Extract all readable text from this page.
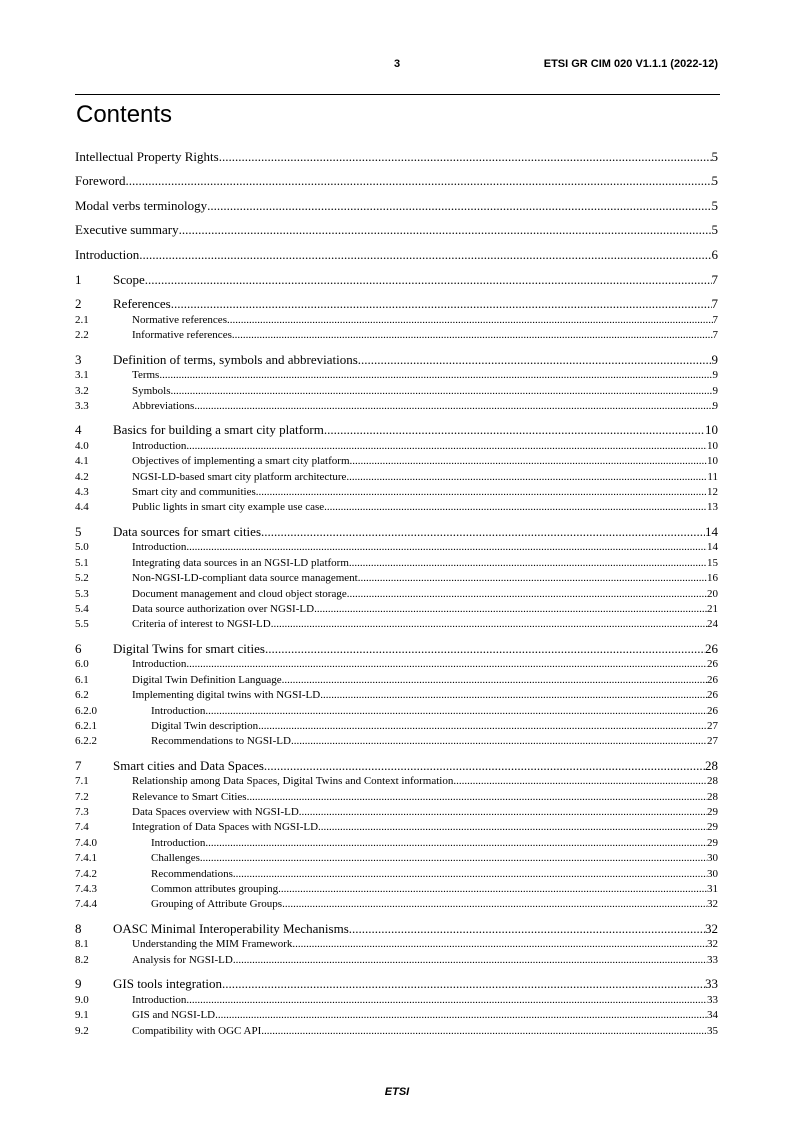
3	ETSI GR CIM 020 V1.1.1 (2022-12)
Contents
Intellectual Property Rights .....	5
Foreword .....	5
Modal verbs terminology .....	5
Executive summary .....	5
Introduction .....	6
1 Scope .....	7
2 References .....	7
2.1	Normative references .....	7
2.2	Informative references .....	7
3 Definition of terms, symbols and abbreviations .....	9
3.1	Terms .....	9
3.2	Symbols .....	9
3.3	Abbreviations .....	9
4 Basics for building a smart city platform .....	10
4.0	Introduction .....	10
4.1	Objectives of implementing a smart city platform .....	10
4.2	NGSI-LD-based smart city platform architecture .....	11
4.3	Smart city and communities .....	12
4.4	Public lights in smart city example use case .....	13
5 Data sources for smart cities .....	14
5.0	Introduction .....	14
5.1	Integrating data sources in an NGSI-LD platform .....	15
5.2	Non-NGSI-LD-compliant data source management .....	16
5.3	Document management and cloud object storage .....	20
5.4	Data source authorization over NGSI-LD .....	21
5.5	Criteria of interest to NGSI-LD .....	24
6 Digital Twins for smart cities .....	26
6.0	Introduction .....	26
6.1	Digital Twin Definition Language .....	26
6.2	Implementing digital twins with NGSI-LD .....	26
6.2.0	Introduction .....	26
6.2.1	Digital Twin description .....	27
6.2.2	Recommendations to NGSI-LD .....	27
7 Smart cities and Data Spaces .....	28
7.1	Relationship among Data Spaces, Digital Twins and Context information .....	28
7.2	Relevance to Smart Cities .....	28
7.3	Data Spaces overview with NGSI-LD .....	29
7.4	Integration of Data Spaces with NGSI-LD .....	29
7.4.0	Introduction .....	29
7.4.1	Challenges .....	30
7.4.2	Recommendations .....	30
7.4.3	Common attributes grouping .....	31
7.4.4	Grouping of Attribute Groups .....	32
8 OASC Minimal Interoperability Mechanisms .....	32
8.1	Understanding the MIM Framework .....	32
8.2	Analysis for NGSI-LD .....	33
9 GIS tools integration .....	33
9.0	Introduction .....	33
9.1	GIS and NGSI-LD .....	34
9.2	Compatibility with OGC API .....	35
ETSI
